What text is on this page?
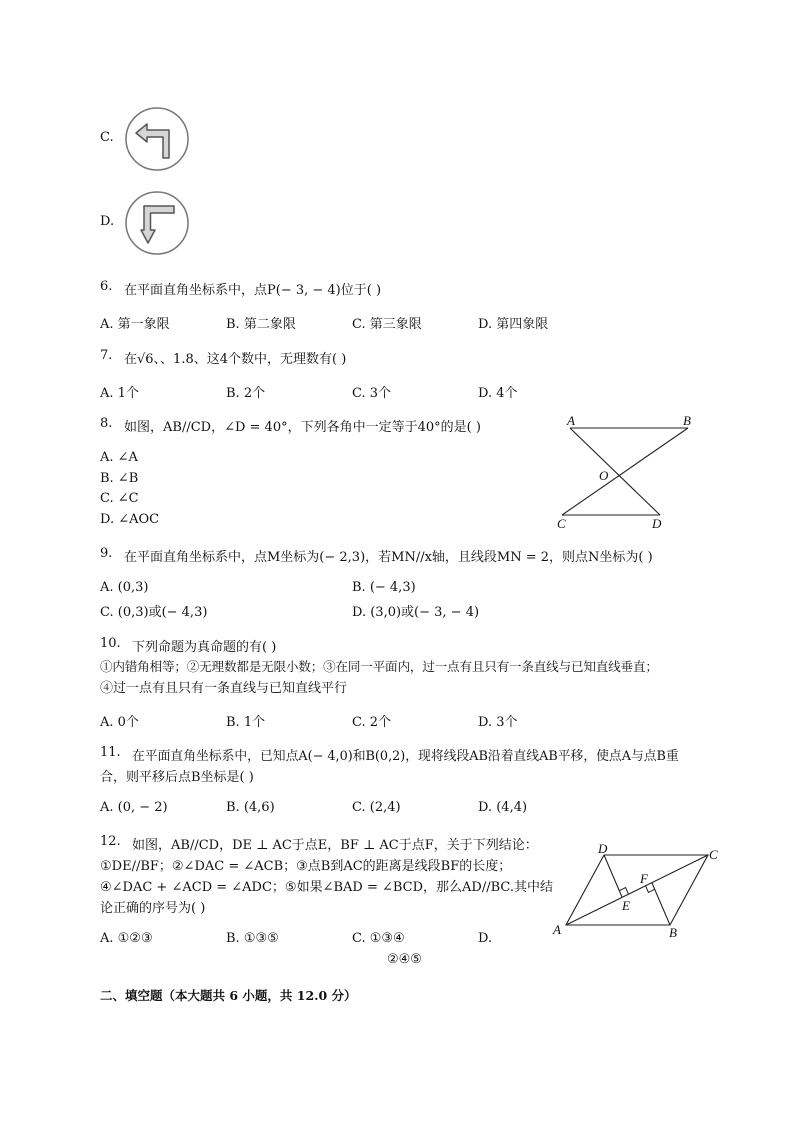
C.
D.
6. 在平面直角坐标系中，点P(− 3, − 4)位于( )
A. 第一象限	B. 第二象限	C. 第三象限	D. 第四象限
7. 在√6、、1.8、这4个数中，无理数有( )
A. 1个	B. 2个	C. 3个	D. 4个
8. 如图，AB//CD，∠D = 40°，下列各角中一定等于40°的是( )
A. ∠A
B. ∠B
C. ∠C
D. ∠AOC
A	B
O
C	D
9. 在平面直角坐标系中，点M坐标为(− 2,3)，若MN//x轴，且线段MN = 2，则点N坐标为( )
A. (0,3)	B. (− 4,3)
C. (0,3)或(− 4,3)	D. (3,0)或(− 3, − 4)
10. 下列命题为真命题的有( )
①内错角相等；②无理数都是无限小数；③在同一平面内，过一点有且只有一条直线与已知直线垂直；
④过一点有且只有一条直线与已知直线平行
A. 0个	B. 1个	C. 2个	D. 3个
11. 在平面直角坐标系中，已知点A(− 4,0)和B(0,2)，现将线段AB沿着直线AB平移，使点A与点B重
合，则平移后点B坐标是( )
A. (0, − 2)	B. (4,6)	C. (2,4)	D. (4,4)
12. 如图，AB//CD，DE ⊥ AC于点E，BF ⊥ AC于点F，关于下列结论：
①DE//BF；②∠DAC = ∠ACB；③点B到AC的距离是线段BF的长度；
④∠DAC + ∠ACD = ∠ADC；⑤如果∠BAD = ∠BCD，那么AD//BC.其中结
论正确的序号为( )
A. ①②③	B. ①③⑤	C. ①③④	D.
②④⑤
D	C
F
E
A	B
二、填空题（本大题共 6 小题，共 12.0 分）
